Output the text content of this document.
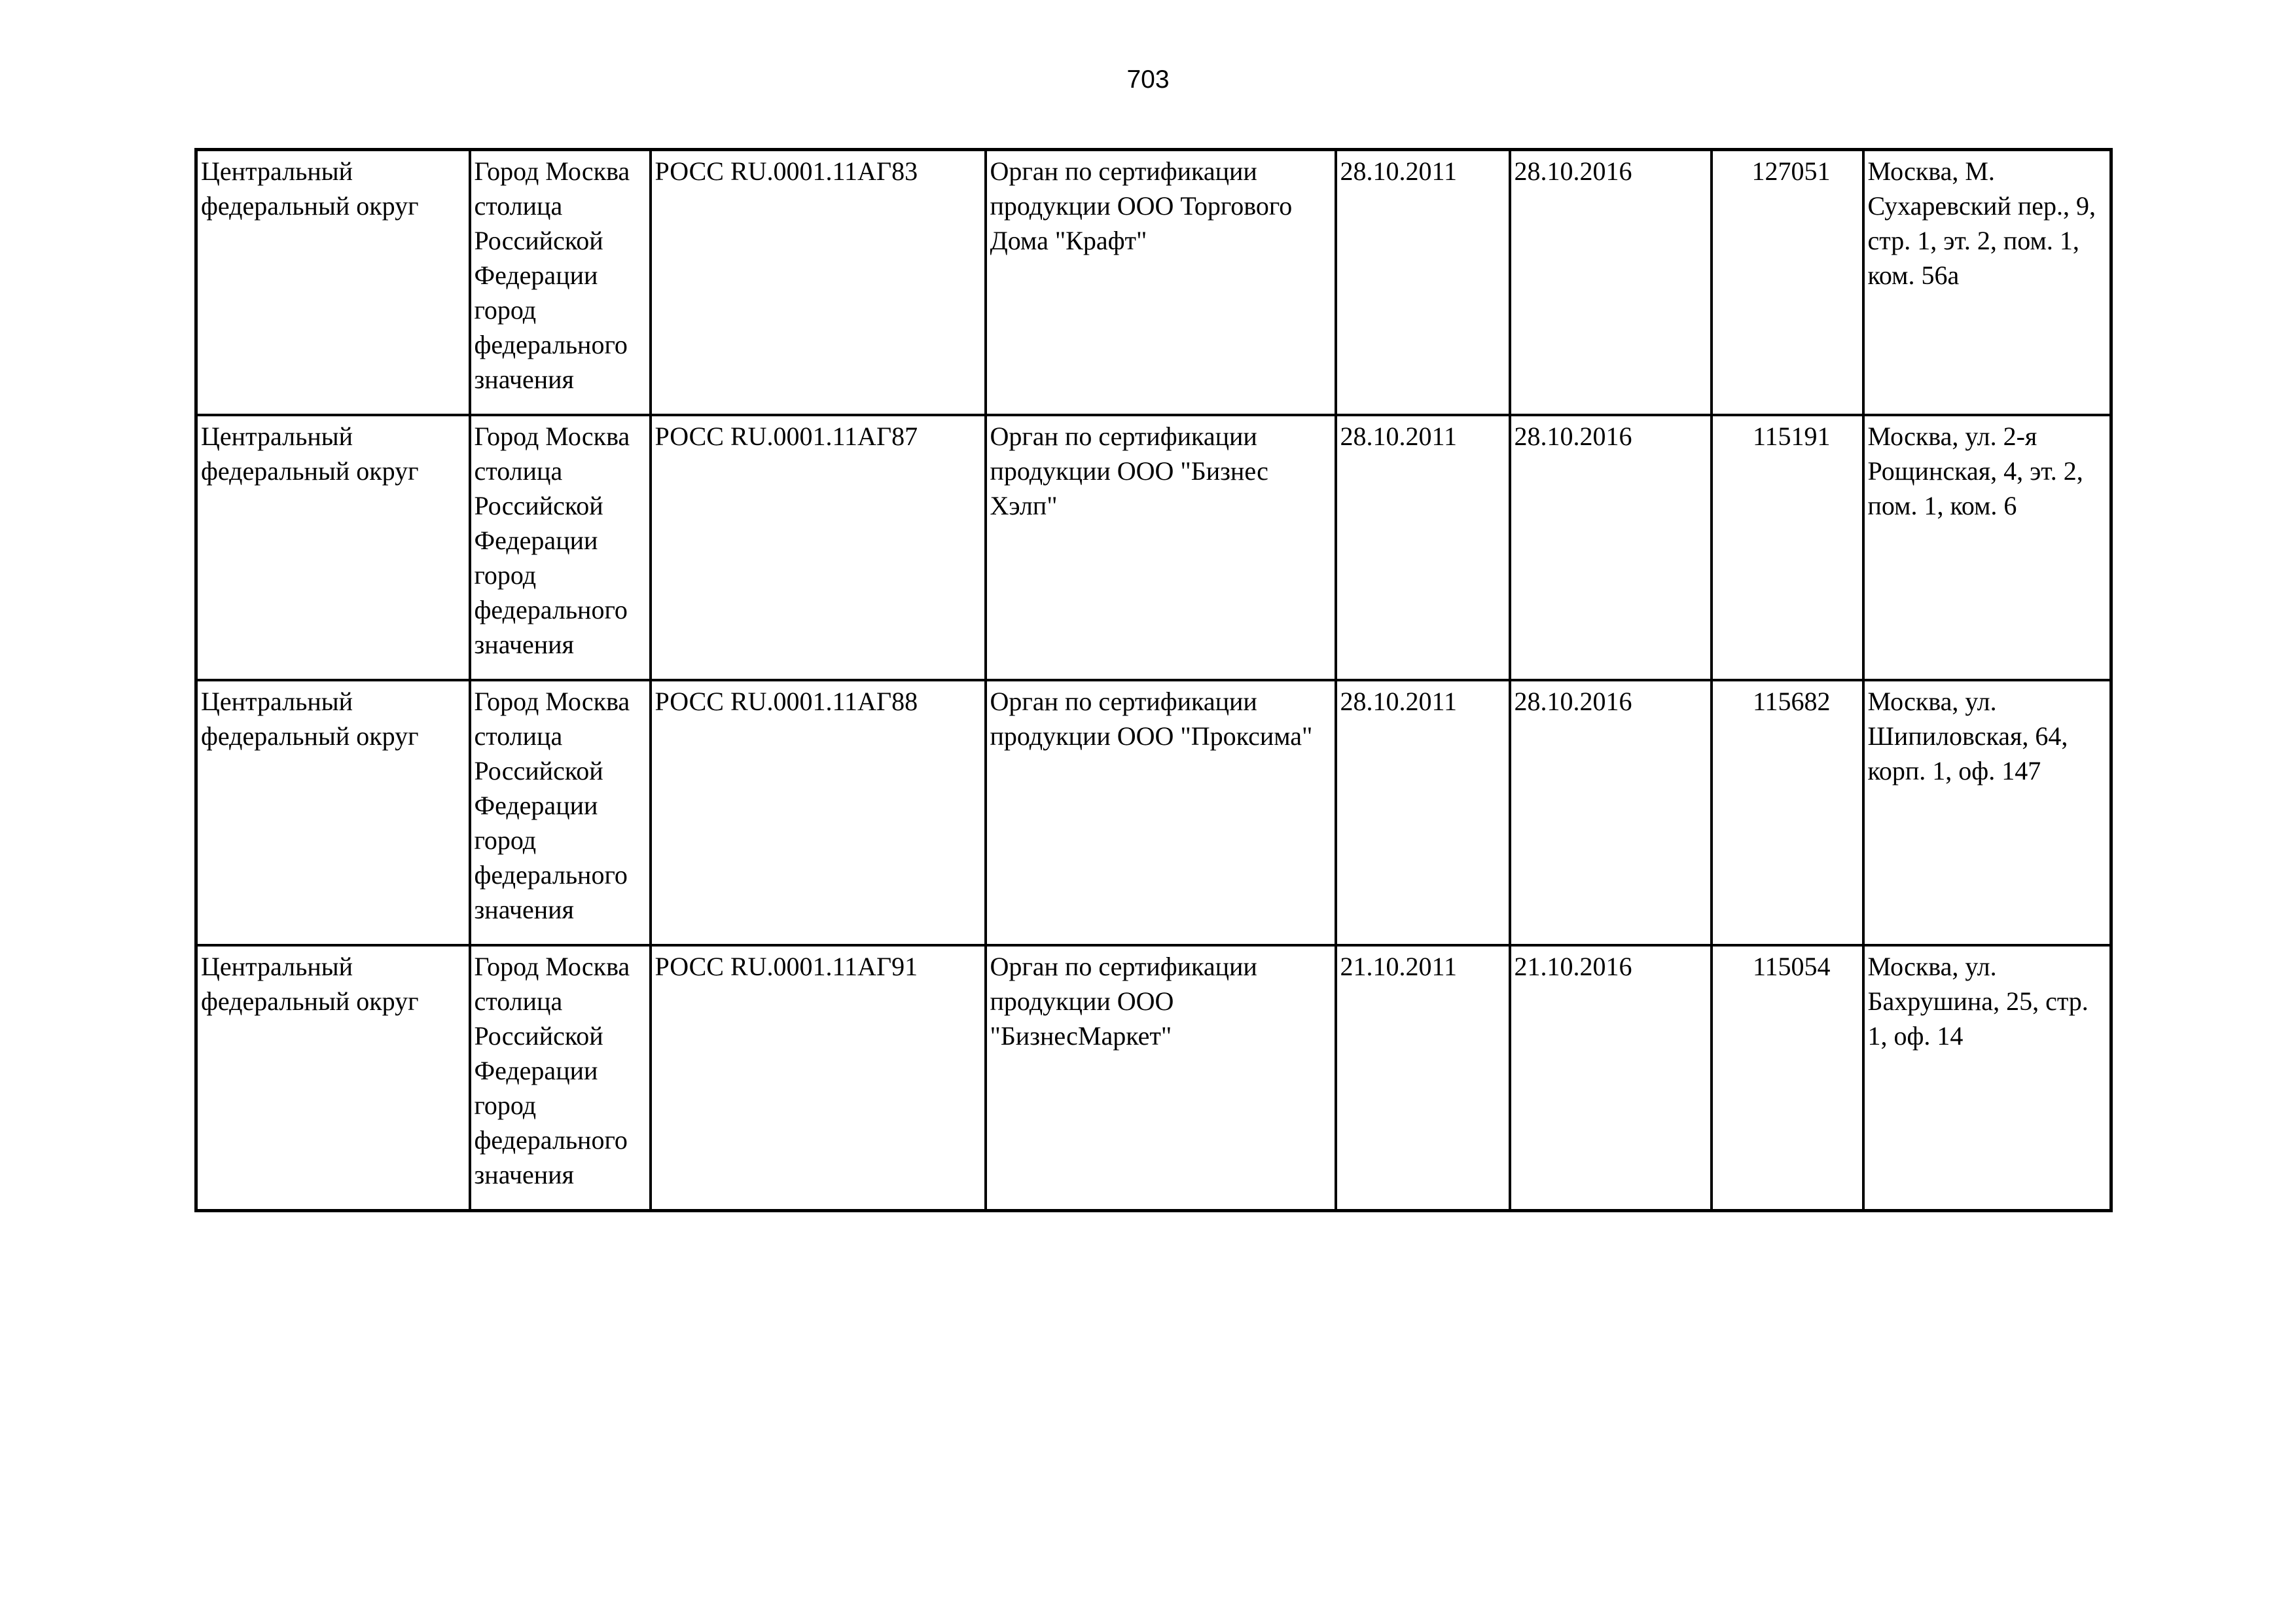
703
Центральный федеральный округ	Город Москва столица Российской Федерации город федерального значения	РОСС RU.0001.11АГ83	Орган по сертификации продукции ООО Торгового Дома "Крафт"	28.10.2011	28.10.2016	127051	Москва, М. Сухаревский пер., 9, стр. 1, эт. 2, пом. 1, ком. 56а

Центральный федеральный округ	Город Москва столица Российской Федерации город федерального значения	РОСС RU.0001.11АГ87	Орган по сертификации продукции ООО "Бизнес Хэлп"	28.10.2011	28.10.2016	115191	Москва, ул. 2-я Рощинская, 4, эт. 2, пом. 1, ком. 6

Центральный федеральный округ	Город Москва столица Российской Федерации город федерального значения	РОСС RU.0001.11АГ88	Орган по сертификации продукции ООО "Проксима"	28.10.2011	28.10.2016	115682	Москва, ул. Шипиловская, 64, корп. 1, оф. 147

Центральный федеральный округ	Город Москва столица Российской Федерации город федерального значения	РОСС RU.0001.11АГ91	Орган по сертификации продукции ООО "БизнесМаркет"	21.10.2011	21.10.2016	115054	Москва, ул. Бахрушина, 25, стр. 1, оф. 14
